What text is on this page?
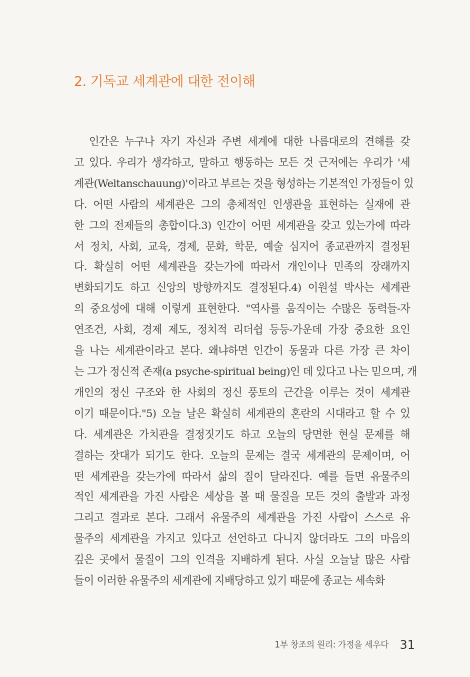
2. 기독교 세계관에 대한 전이해
인간은 누구나 자기 자신과 주변 세계에 대한 나름대로의 견해를 갖
고 있다. 우리가 생각하고, 말하고 행동하는 모든 것 근저에는 우리가 '세
계관(Weltanschauung)'이라고 부르는 것을 형성하는 기본적인 가정들이 있
다. 어떤 사람의 세계관은 그의 총체적인 인생관을 표현하는 실재에 관
한 그의 전제들의 총합이다.3) 인간이 어떤 세계관을 갖고 있는가에 따라
서 정치, 사회, 교육, 경제, 문화, 학문, 예술 심지어 종교관까지 결정된
다. 확실히 어떤 세계관을 갖는가에 따라서 개인이나 민족의 장래까지
변화되기도 하고 신앙의 방향까지도 결정된다.4) 이원설 박사는 세계관
의 중요성에 대해 이렇게 표현한다. "역사를 움직이는 수많은 동력들-자
연조건, 사회, 경제 제도, 정치적 리더쉽 등등-가운데 가장 중요한 요인
을 나는 세계관이라고 본다. 왜냐하면 인간이 동물과 다른 가장 큰 차이
는 그가 정신적 존재(a psyche-spiritual being)인 데 있다고 나는 믿으며, 개
개인의 정신 구조와 한 사회의 정신 풍토의 근간을 이루는 것이 세계관
이기 때문이다."5) 오늘 날은 확실히 세계관의 혼란의 시대라고 할 수 있
다. 세계관은 가치관을 결정짓기도 하고 오늘의 당면한 현실 문제를 해
결하는 잣대가 되기도 한다. 오늘의 문제는 결국 세계관의 문제이며, 어
떤 세계관을 갖는가에 따라서 삶의 질이 달라진다. 예를 들면 유물주의
적인 세계관을 가진 사람은 세상을 볼 때 물질을 모든 것의 출발과 과정
그리고 결과로 본다. 그래서 유물주의 세계관을 가진 사람이 스스로 유
물주의 세계관을 가지고 있다고 선언하고 다니지 않더라도 그의 마음의
깊은 곳에서 물질이 그의 인격을 지배하게 된다. 사실 오늘날 많은 사람
들이 이러한 유물주의 세계관에 지배당하고 있기 때문에 종교는 세속화
1부 창조의 원리: 가정을 세우다 31
